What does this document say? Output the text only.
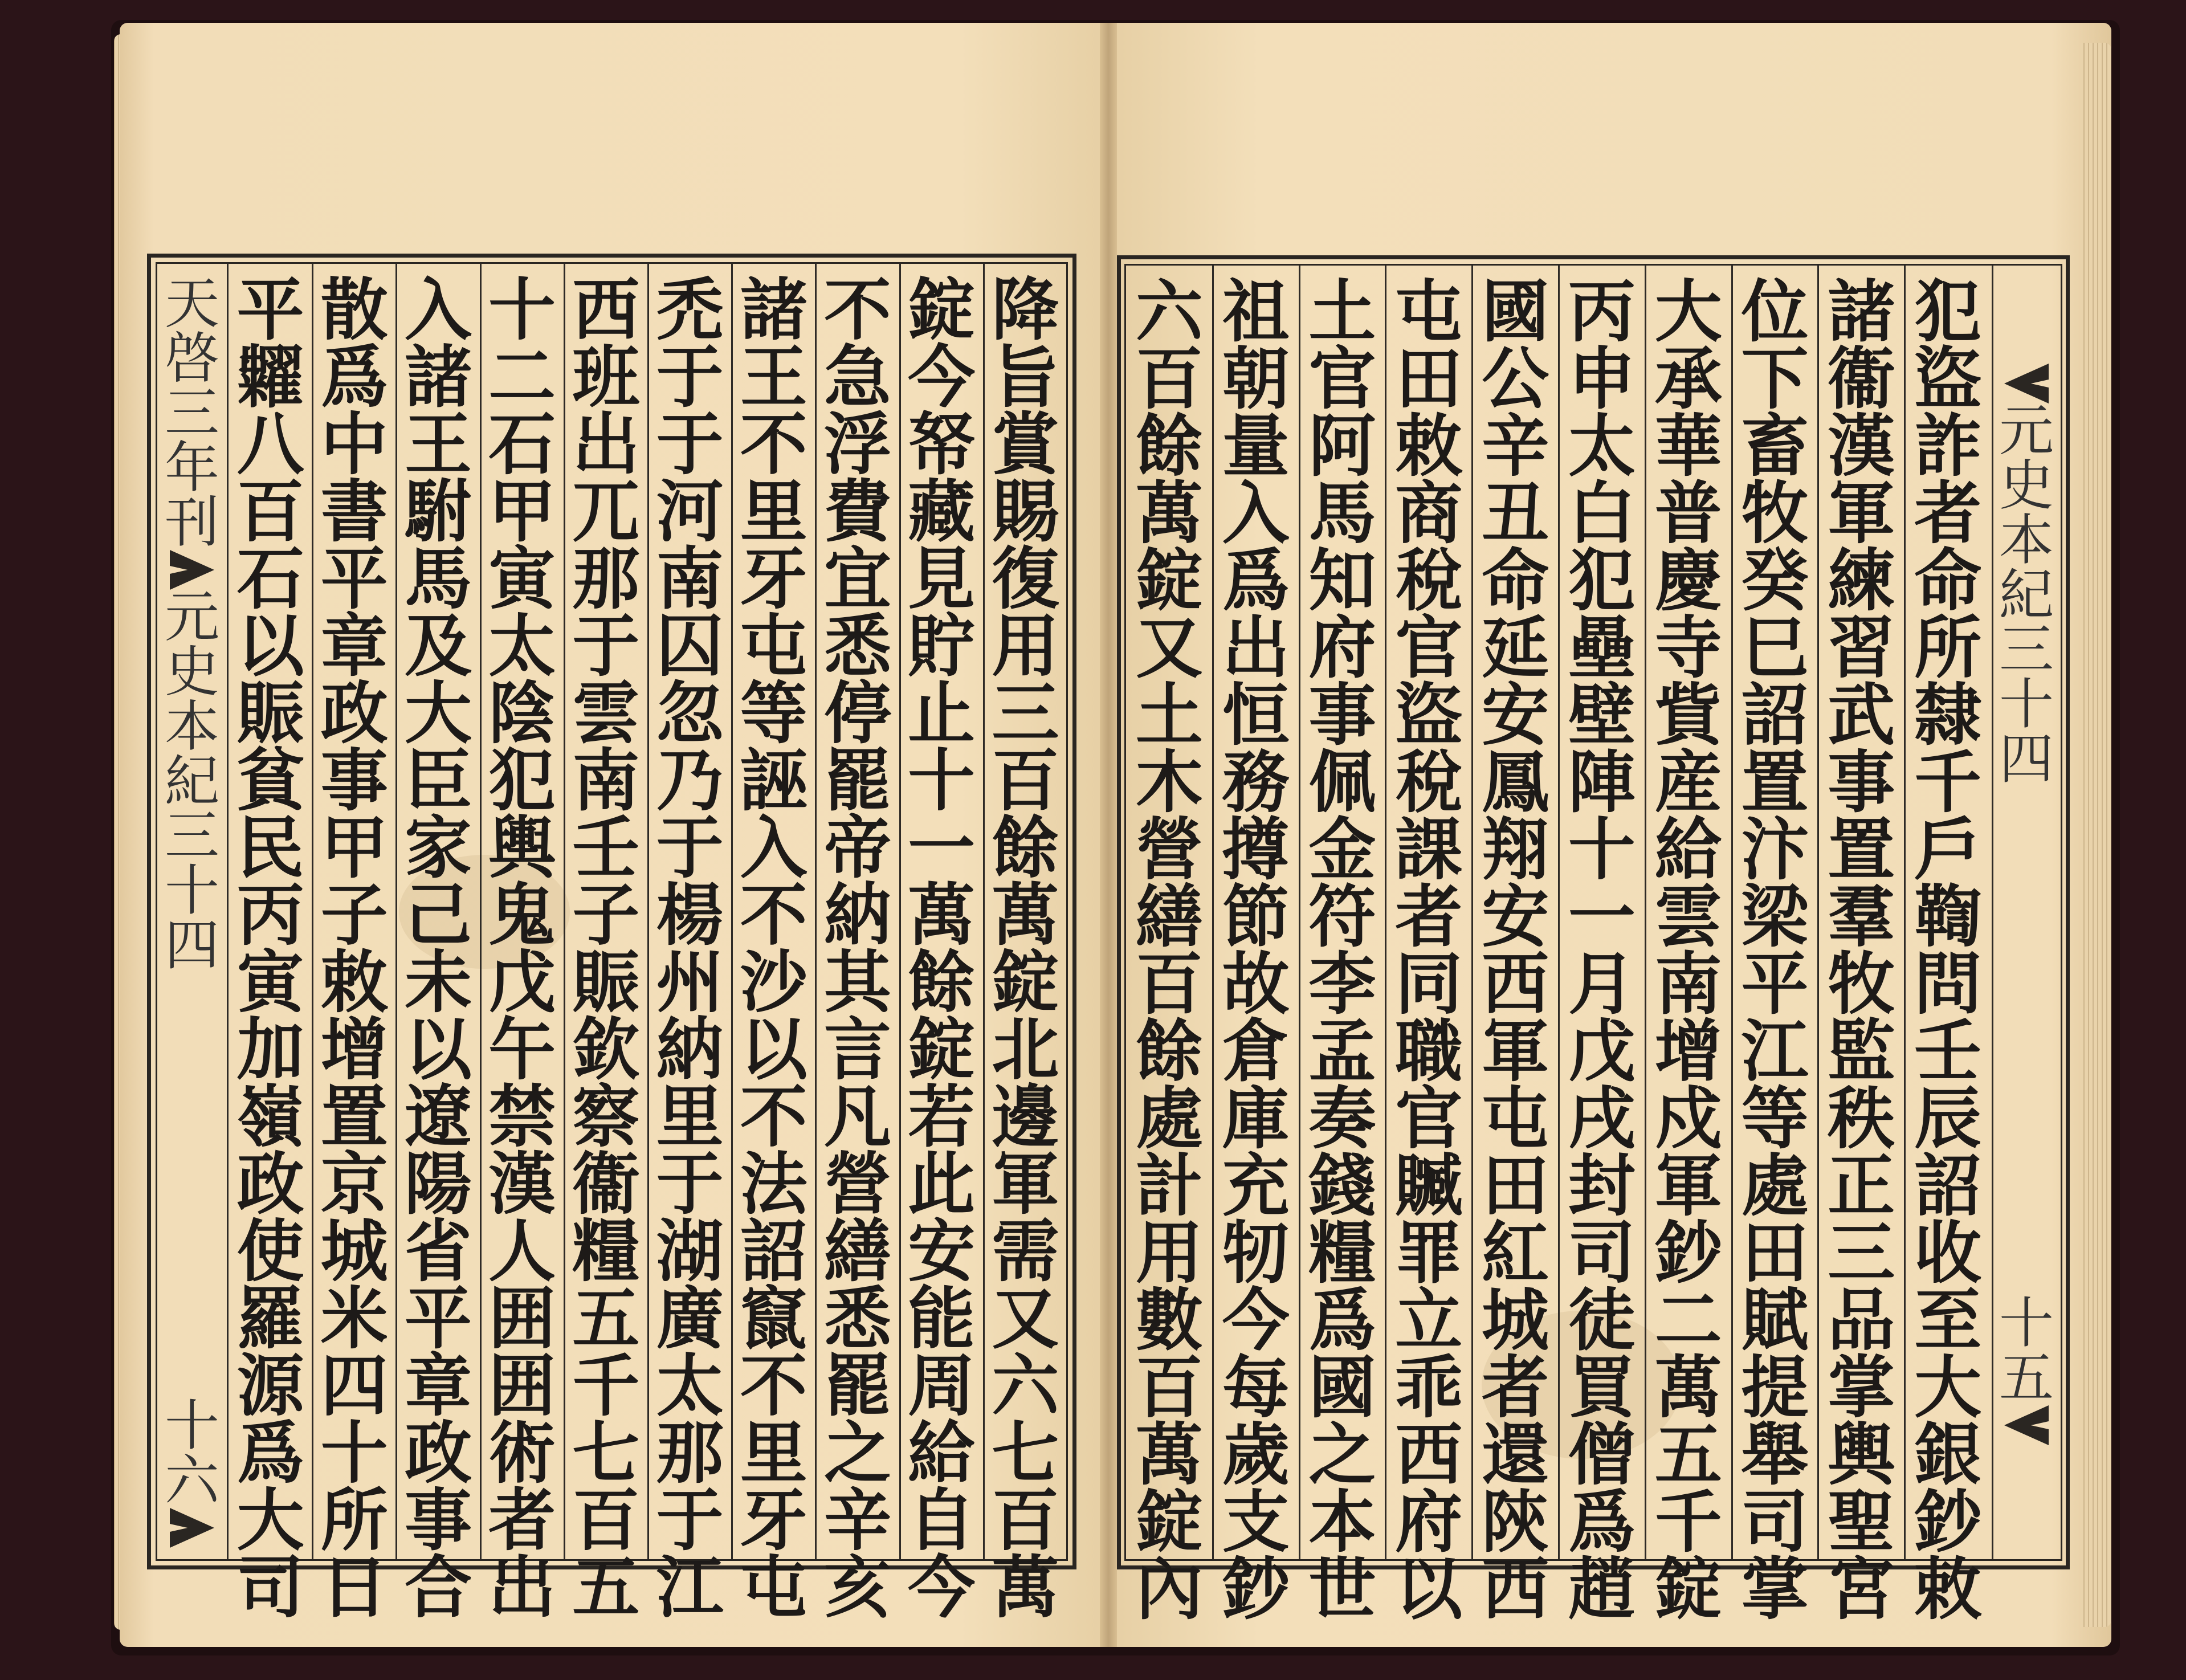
天
啓
三
年
刊
元
史
本
紀
三
十
四
十
六
降
旨
賞
賜
復
用
三
百
餘
萬
錠
北
邊
軍
需
又
六
七
百
萬
錠
今
帑
藏
見
貯
止
十
一
萬
餘
錠
若
此
安
能
周
給
自
今
不
急
浮
費
宜
悉
停
罷
帝
納
其
言
凡
營
繕
悉
罷
之
辛
亥
諸
王
不
里
牙
屯
等
誣
入
不
沙
以
不
法
詔
竄
不
里
牙
屯
禿
于
于
河
南
囚
忽
乃
于
楊
州
納
里
于
湖
廣
太
那
于
江
西
班
出
兀
那
于
雲
南
壬
子
賑
欽
察
衞
糧
五
千
七
百
五
十
二
石
甲
寅
太
陰
犯
輿
鬼
戊
午
禁
漢
人
囲
囲
術
者
出
入
諸
王
駙
馬
及
大
臣
家
己
未
以
遼
陽
省
平
章
政
事
合
散
爲
中
書
平
章
政
事
甲
子
敕
增
置
京
城
米
四
十
所
日
平
糶
八
百
石
以
賑
貧
民
丙
寅
加
嶺
政
使
羅
源
爲
大
司
犯
盜
詐
者
命
所
隸
千
戶
鞫
問
壬
辰
詔
收
至
大
銀
鈔
敕
諸
衞
漢
軍
練
習
武
事
置
羣
牧
監
秩
正
三
品
掌
輿
聖
宮
位
下
畜
牧
癸
巳
詔
置
汴
梁
平
江
等
處
田
賦
提
舉
司
掌
大
承
華
普
慶
寺
貲
産
給
雲
南
增
戍
軍
鈔
二
萬
五
千
錠
丙
申
太
白
犯
壘
壁
陣
十
一
月
戊
戌
封
司
徒
買
僧
爲
趙
國
公
辛
丑
命
延
安
鳳
翔
安
西
軍
屯
田
紅
城
者
還
陝
西
屯
田
敕
商
稅
官
盜
稅
課
者
同
職
官
贓
罪
立
乖
西
府
以
土
官
阿
馬
知
府
事
佩
金
符
李
孟
奏
錢
糧
爲
國
之
本
世
祖
朝
量
入
爲
出
恒
務
撙
節
故
倉
庫
充
牣
今
每
歲
支
鈔
六
百
餘
萬
錠
又
土
木
營
繕
百
餘
處
計
用
數
百
萬
錠
內
元
史
本
紀
三
十
四
十
五
